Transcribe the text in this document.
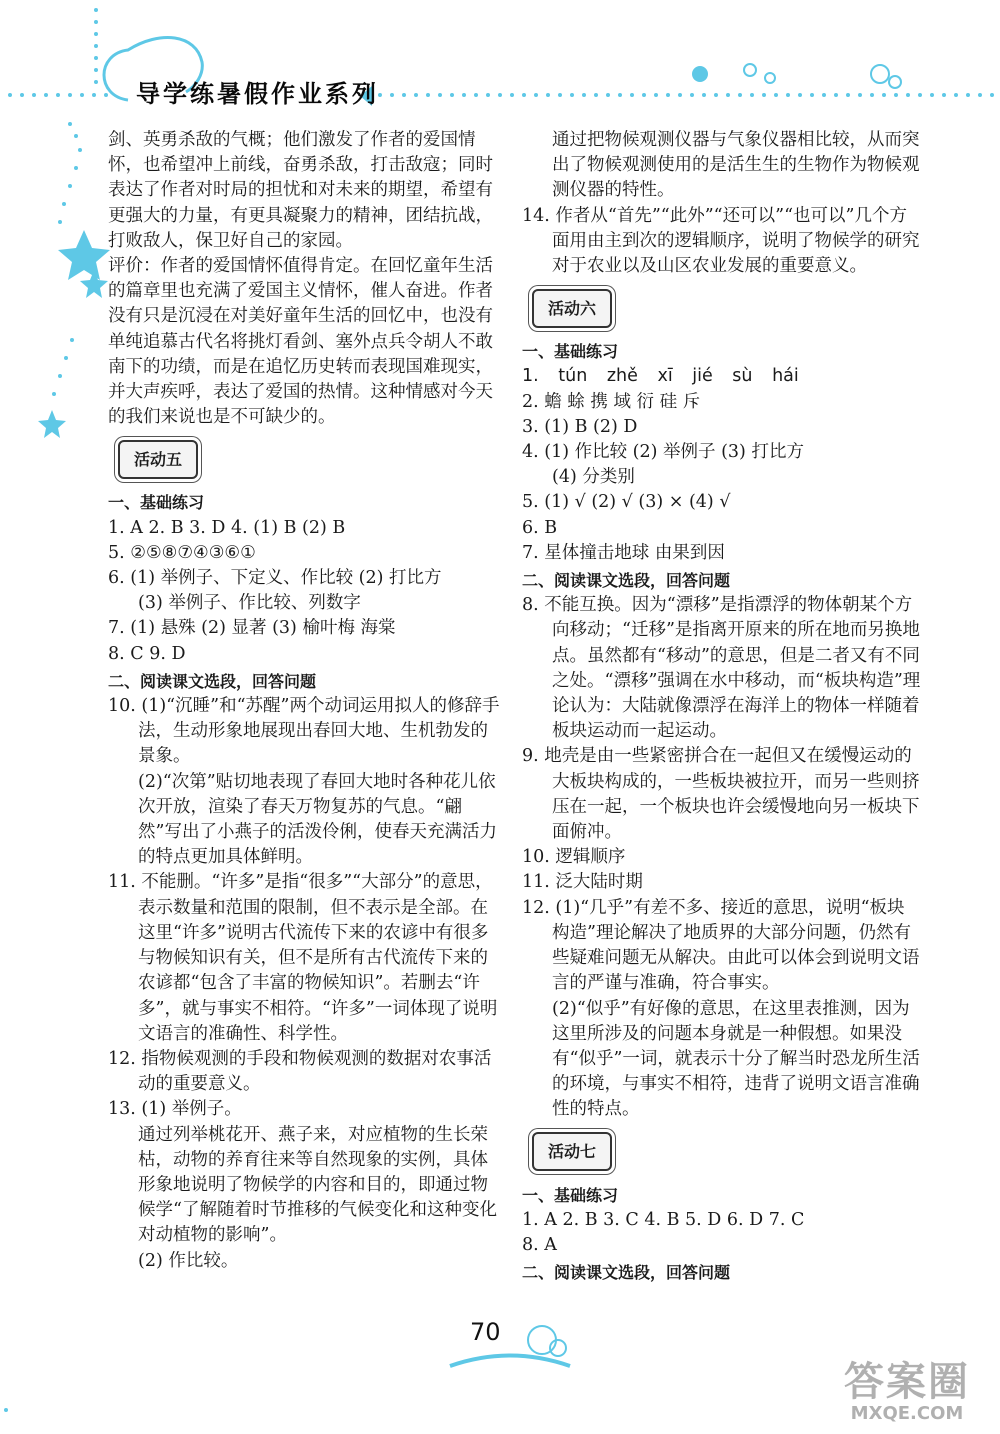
导学练暑假作业系列

剑、英勇杀敌的气概；他们激发了作者的爱国情怀，也希望冲上前线，奋勇杀敌，打击敌寇；同时表达了作者对时局的担忧和对未来的期望，希望有更强大的力量，有更具凝聚力的精神，团结抗战，打败敌人，保卫好自己的家园。

评价：作者的爱国情怀值得肯定。在回忆童年生活的篇章里也充满了爱国主义情怀，催人奋进。作者没有只是沉浸在对美好童年生活的回忆中，也没有单纯追慕古代名将挑灯看剑、塞外点兵令胡人不敢南下的功绩，而是在追忆历史转而表现国难现实，并大声疾呼，表达了爱国的热情。这种情感对今天的我们来说也是不可缺少的。

活动五
一、基础练习

1. A 2. B 3. D 4. (1) B (2) B

5. ②⑤⑧⑦④③⑥①

6. (1) 举例子、下定义、作比较 (2) 打比方

(3) 举例子、作比较、列数字

7. (1) 悬殊 (2) 显著 (3) 榆叶梅 海棠

8. C 9. D

二、阅读课文选段，回答问题

10. (1)“沉睡”和“苏醒”两个动词运用拟人的修辞手法，生动形象地展现出春回大地、生机勃发的景象。

(2)“次第”贴切地表现了春回大地时各种花儿依次开放，渲染了春天万物复苏的气息。“翩然”写出了小燕子的活泼伶俐，使春天充满活力的特点更加具体鲜明。

11. 不能删。“许多”是指“很多”“大部分”的意思，表示数量和范围的限制，但不表示是全部。在这里“许多”说明古代流传下来的农谚中有很多与物候知识有关，但不是所有古代流传下来的农谚都“包含了丰富的物候知识”。若删去“许多”，就与事实不相符。“许多”一词体现了说明文语言的准确性、科学性。

12. 指物候观测的手段和物候观测的数据对农事活动的重要意义。

13. (1) 举例子。

通过列举桃花开、燕子来，对应植物的生长荣枯，动物的养育往来等自然现象的实例，具体形象地说明了物候学的内容和目的，即通过物候学“了解随着时节推移的气候变化和这种变化对动植物的影响”。

(2) 作比较。

通过把物候观测仪器与气象仪器相比较，从而突出了物候观测使用的是活生生的生物作为物候观测仪器的特性。

14. 作者从“首先”“此外”“还可以”“也可以”几个方面用由主到次的逻辑顺序，说明了物候学的研究对于农业以及山区农业发展的重要意义。

活动六
一、基础练习

1. tún zhě xī jié sù hái

2. 蟾 蜍 携 域 衍 硅 斥

3. (1) B (2) D

4. (1) 作比较 (2) 举例子 (3) 打比方

(4) 分类别

5. (1) √ (2) √ (3) × (4) √

6. B

7. 星体撞击地球 由果到因

二、阅读课文选段，回答问题

8. 不能互换。因为“漂移”是指漂浮的物体朝某个方向移动；“迁移”是指离开原来的所在地而另换地点。虽然都有“移动”的意思，但是二者又有不同之处。“漂移”强调在水中移动，而“板块构造”理论认为：大陆就像漂浮在海洋上的物体一样随着板块运动而一起运动。

9. 地壳是由一些紧密拼合在一起但又在缓慢运动的大板块构成的，一些板块被拉开，而另一些则挤压在一起，一个板块也许会缓慢地向另一板块下面俯冲。

10. 逻辑顺序

11. 泛大陆时期

12. (1)“几乎”有差不多、接近的意思，说明“板块构造”理论解决了地质界的大部分问题，仍然有些疑难问题无从解决。由此可以体会到说明文语言的严谨与准确，符合事实。

(2)“似乎”有好像的意思，在这里表推测，因为这里所涉及的问题本身就是一种假想。如果没有“似乎”一词，就表示十分了解当时恐龙所生活的环境，与事实不相符，违背了说明文语言准确性的特点。

活动七
一、基础练习

1. A 2. B 3. C 4. B 5. D 6. D 7. C

8. A

二、阅读课文选段，回答问题
70
答案圈
MXQE.COM
